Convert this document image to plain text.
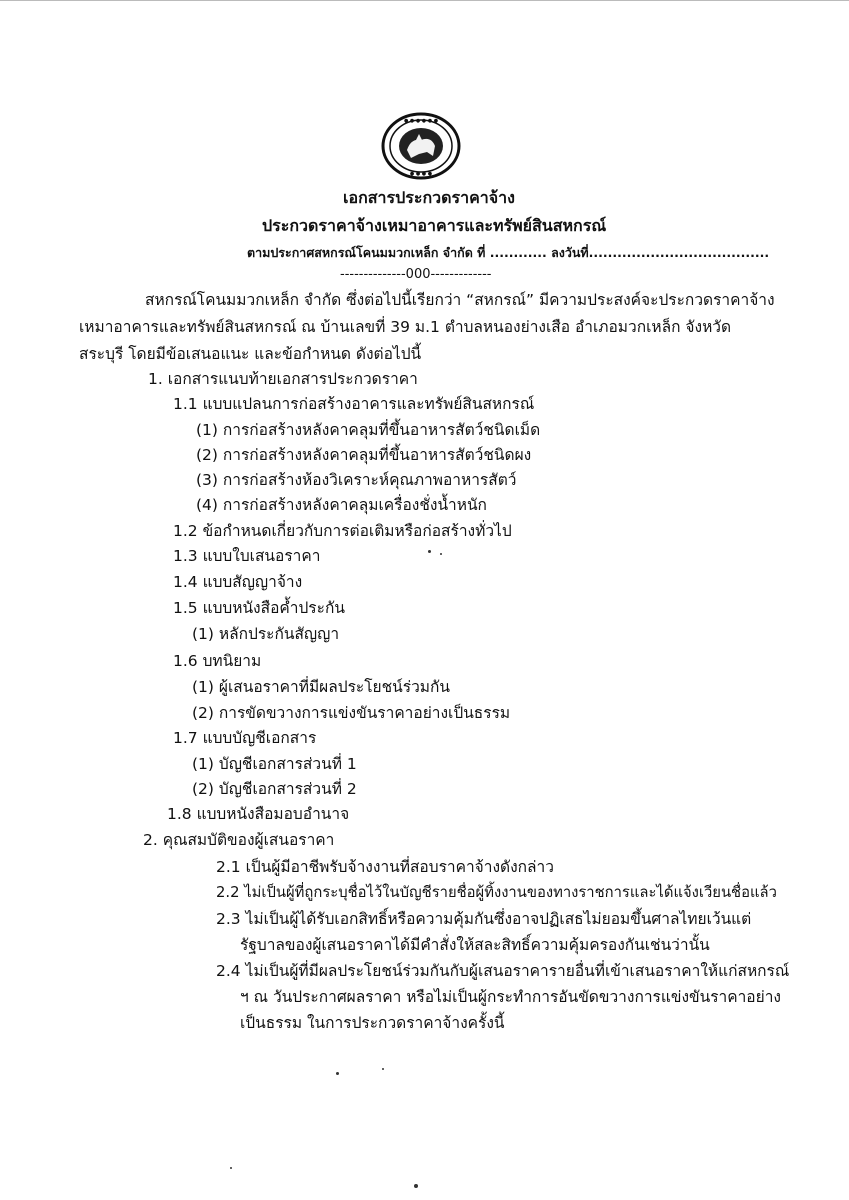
● ● ● ● ● ●
● ● ● ●
เอกสารประกวดราคาจ้าง
ประกวดราคาจ้างเหมาอาคารและทรัพย์สินสหกรณ์
ตามประกาศสหกรณ์โคนมมวกเหล็ก จำกัด ที่ ............ ลงวันที่......................................
--------------000-------------
สหกรณ์โคนมมวกเหล็ก จำกัด ซึ่งต่อไปนี้เรียกว่า “สหกรณ์” มีความประสงค์จะประกวดราคาจ้าง
เหมาอาคารและทรัพย์สินสหกรณ์ ณ บ้านเลขที่ 39 ม.1 ตำบลหนองย่างเสือ อำเภอมวกเหล็ก จังหวัด
สระบุรี โดยมีข้อเสนอแนะ และข้อกำหนด ดังต่อไปนี้
1. เอกสารแนบท้ายเอกสารประกวดราคา
1.1 แบบแปลนการก่อสร้างอาคารและทรัพย์สินสหกรณ์
(1) การก่อสร้างหลังคาคลุมที่ขึ้นอาหารสัตว์ชนิดเม็ด
(2) การก่อสร้างหลังคาคลุมที่ขึ้นอาหารสัตว์ชนิดผง
(3) การก่อสร้างห้องวิเคราะห์คุณภาพอาหารสัตว์
(4) การก่อสร้างหลังคาคลุมเครื่องชั่งน้ำหนัก
1.2 ข้อกำหนดเกี่ยวกับการต่อเติมหรือก่อสร้างทั่วไป
1.3 แบบใบเสนอราคา
1.4 แบบสัญญาจ้าง
1.5 แบบหนังสือค้ำประกัน
(1) หลักประกันสัญญา
1.6 บทนิยาม
(1) ผู้เสนอราคาที่มีผลประโยชน์ร่วมกัน
(2) การขัดขวางการแข่งขันราคาอย่างเป็นธรรม
1.7 แบบบัญชีเอกสาร
(1) บัญชีเอกสารส่วนที่ 1
(2) บัญชีเอกสารส่วนที่ 2
1.8 แบบหนังสือมอบอำนาจ
2. คุณสมบัติของผู้เสนอราคา
2.1 เป็นผู้มีอาชีพรับจ้างงานที่สอบราคาจ้างดังกล่าว
2.2 ไม่เป็นผู้ที่ถูกระบุชื่อไว้ในบัญชีรายชื่อผู้ทิ้งงานของทางราชการและได้แจ้งเวียนชื่อแล้ว
2.3 ไม่เป็นผู้ได้รับเอกสิทธิ์หรือความคุ้มกันซึ่งอาจปฏิเสธไม่ยอมขึ้นศาลไทยเว้นแต่
รัฐบาลของผู้เสนอราคาได้มีคำสั่งให้สละสิทธิ์ความคุ้มครองกันเช่นว่านั้น
2.4 ไม่เป็นผู้ที่มีผลประโยชน์ร่วมกันกับผู้เสนอราคารายอื่นที่เข้าเสนอราคาให้แก่สหกรณ์
ฯ ณ วันประกาศผลราคา หรือไม่เป็นผู้กระทำการอันขัดขวางการแข่งขันราคาอย่าง
เป็นธรรม ในการประกวดราคาจ้างครั้งนี้
